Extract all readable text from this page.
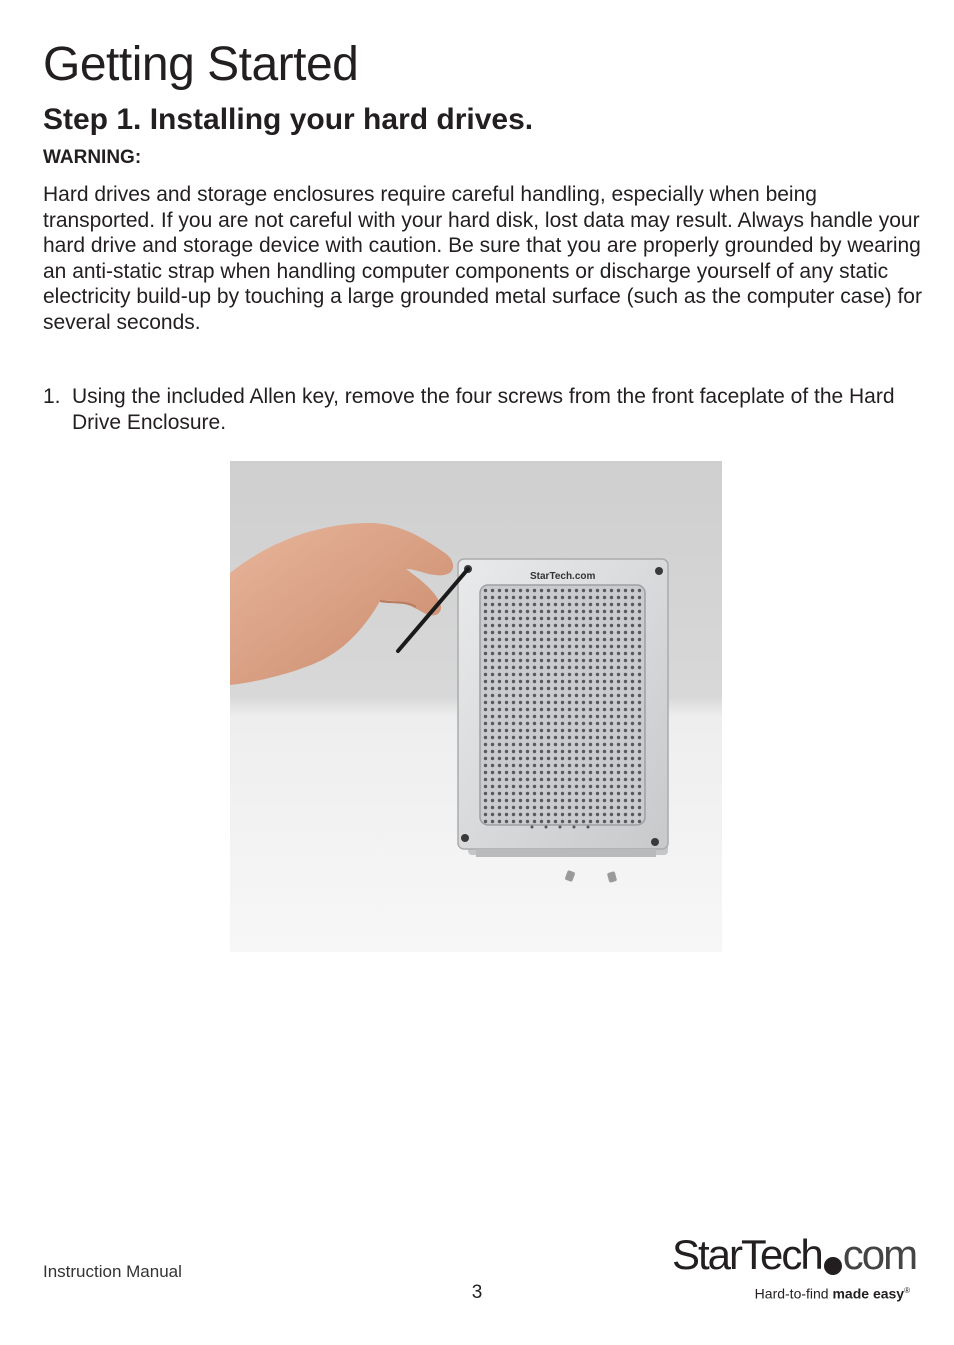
Getting Started
Step 1. Installing your hard drives.
WARNING:

Hard drives and storage enclosures require careful handling, especially when being transported. If you are not careful with your hard disk, lost data may result. Always handle your hard drive and storage device with caution. Be sure that you are properly grounded by wearing an anti-static strap when handling computer components or discharge yourself of any static electricity build-up by touching a large grounded metal surface (such as the computer case) for several seconds.

1. Using the included Allen key, remove the four screws from the front faceplate of the Hard Drive Enclosure.
StarTech.com
Instruction Manual
3
StarTech com
Hard-to-find made easy®
